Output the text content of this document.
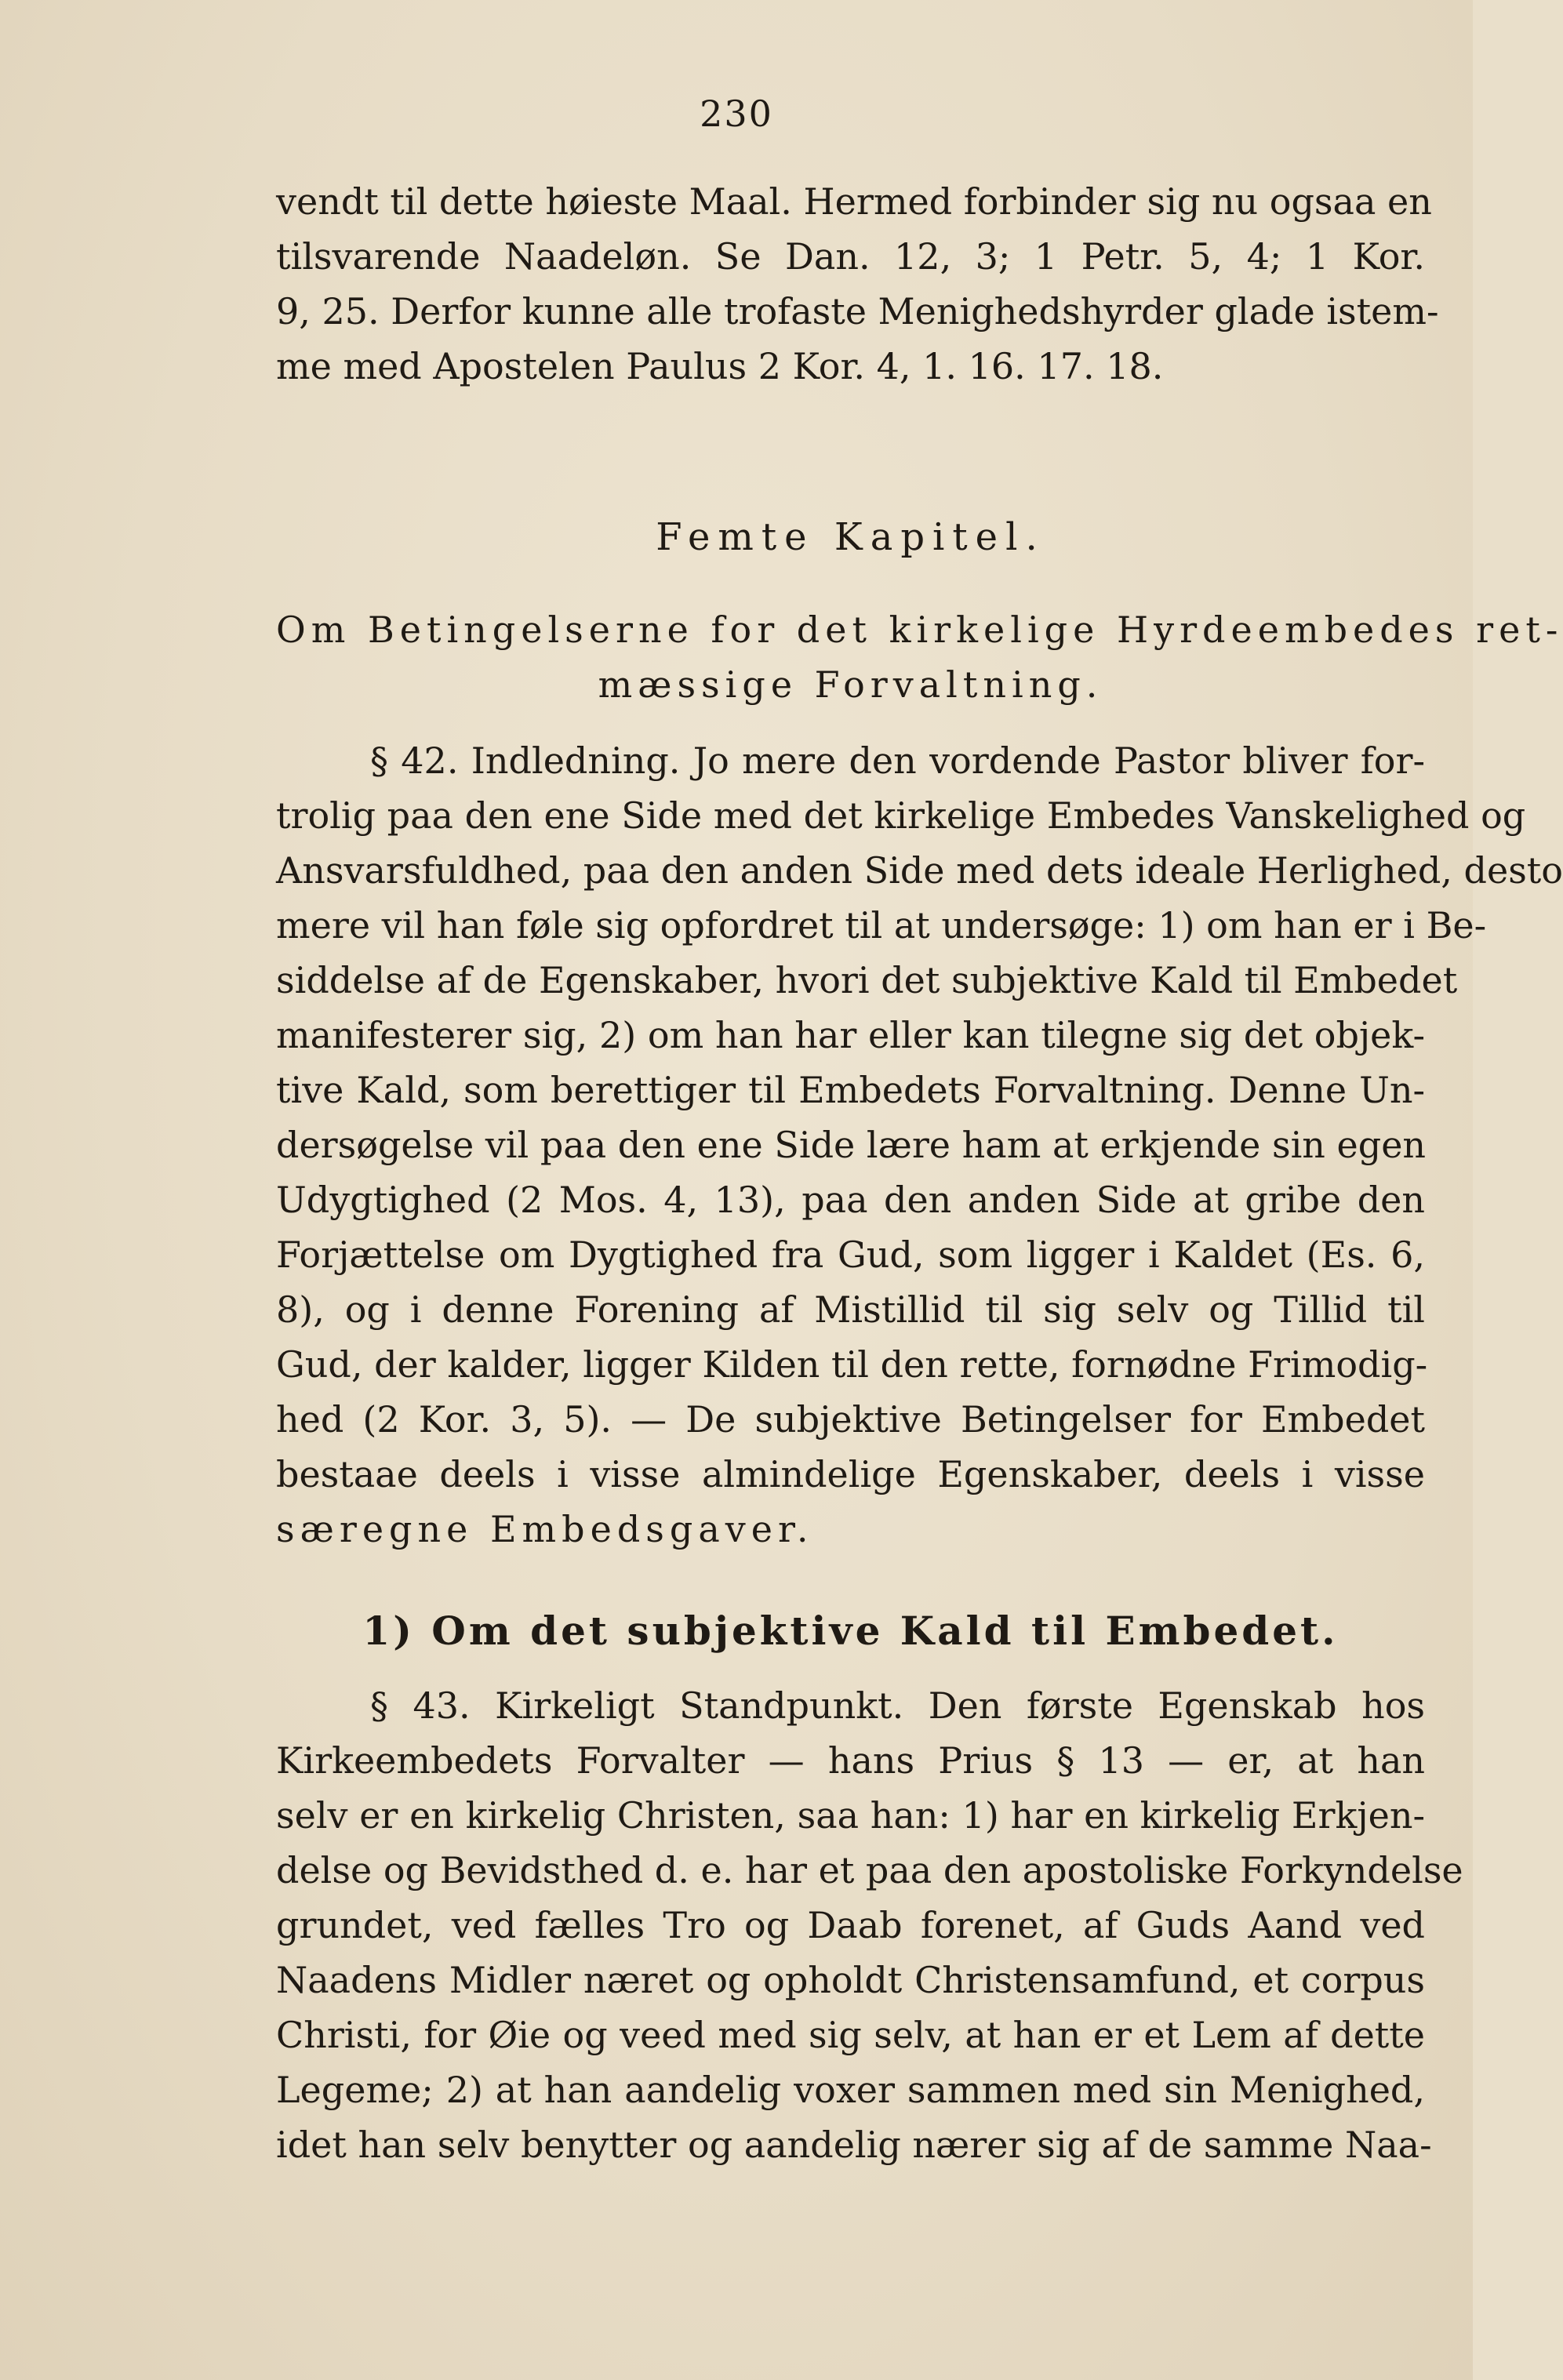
230
vendt til dette høieste Maal. Hermed forbinder sig nu ogsaa en
tilsvarende Naadeløn. Se Dan. 12, 3; 1 Petr. 5, 4; 1 Kor.
9, 25. Derfor kunne alle trofaste Menighedshyrder glade istem-
me med Apostelen Paulus 2 Kor. 4, 1. 16. 17. 18.
Femte Kapitel.
Om Betingelserne for det kirkelige Hyrdeembedes ret-
mæssige Forvaltning.
§ 42. Indledning. Jo mere den vordende Pastor bliver for-
trolig paa den ene Side med det kirkelige Embedes Vanskelighed og
Ansvarsfuldhed, paa den anden Side med dets ideale Herlighed, desto
mere vil han føle sig opfordret til at undersøge: 1) om han er i Be-
siddelse af de Egenskaber, hvori det subjektive Kald til Embedet
manifesterer sig, 2) om han har eller kan tilegne sig det objek-
tive Kald, som berettiger til Embedets Forvaltning. Denne Un-
dersøgelse vil paa den ene Side lære ham at erkjende sin egen
Udygtighed (2 Mos. 4, 13), paa den anden Side at gribe den
Forjættelse om Dygtighed fra Gud, som ligger i Kaldet (Es. 6,
8), og i denne Forening af Mistillid til sig selv og Tillid til
Gud, der kalder, ligger Kilden til den rette, fornødne Frimodig-
hed (2 Kor. 3, 5). — De subjektive Betingelser for Embedet
bestaae deels i visse almindelige Egenskaber, deels i visse
særegne Embedsgaver.
1) Om det subjektive Kald til Embedet.
§ 43. Kirkeligt Standpunkt. Den første Egenskab hos
Kirkeembedets Forvalter — hans Prius § 13 — er, at han
selv er en kirkelig Christen, saa han: 1) har en kirkelig Erkjen-
delse og Bevidsthed d. e. har et paa den apostoliske Forkyndelse
grundet, ved fælles Tro og Daab forenet, af Guds Aand ved
Naadens Midler næret og opholdt Christensamfund, et corpus
Christi, for Øie og veed med sig selv, at han er et Lem af dette
Legeme; 2) at han aandelig voxer sammen med sin Menighed,
idet han selv benytter og aandelig nærer sig af de samme Naa-
